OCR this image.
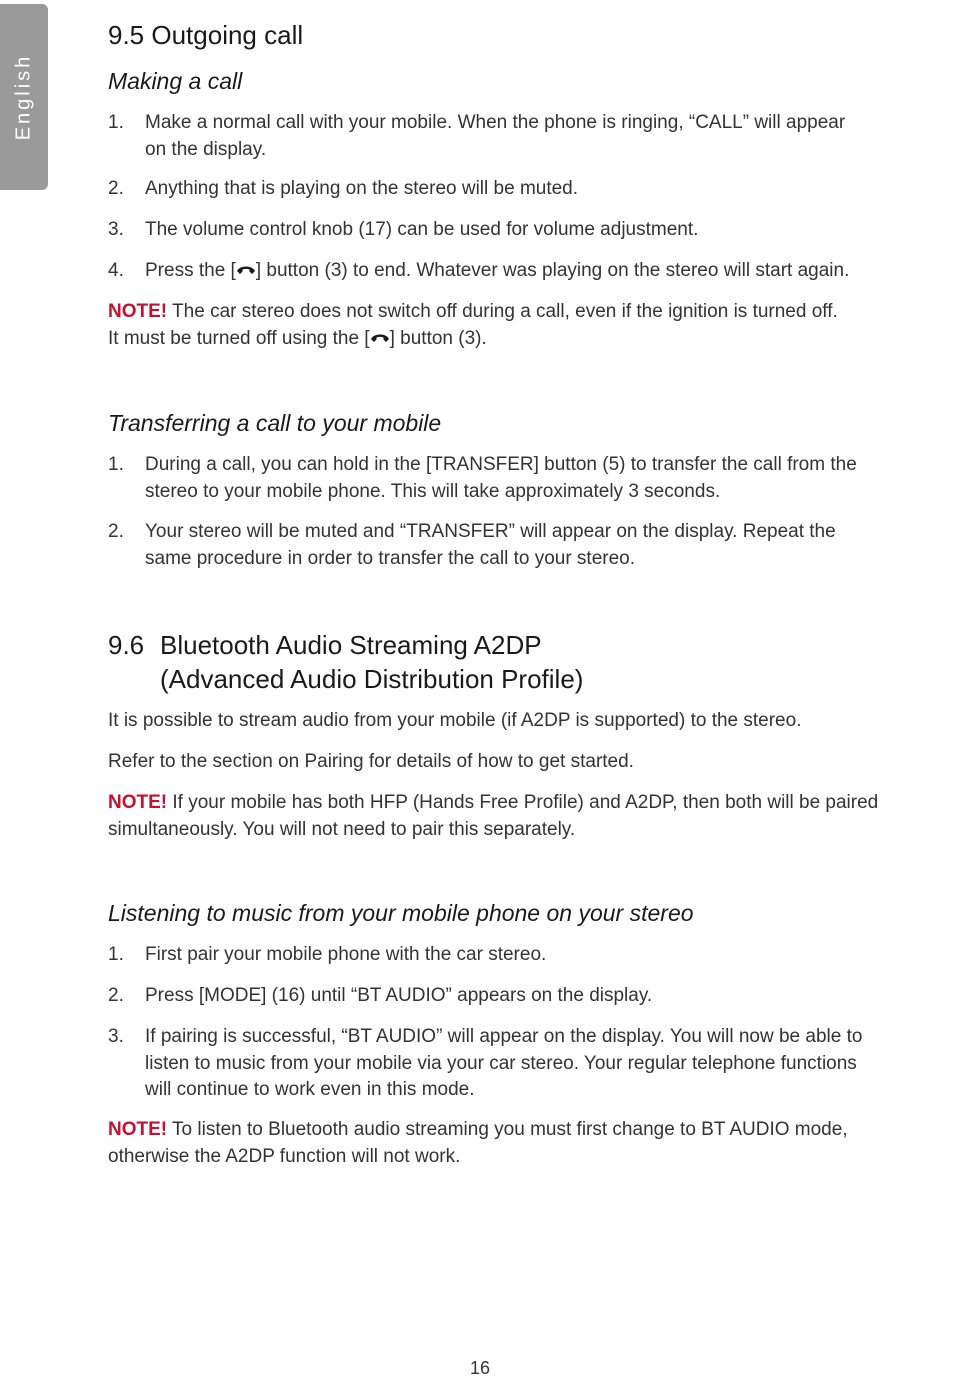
English
9.5 Outgoing call
Making a call
1.	Make a normal call with your mobile. When the phone is ringing, “CALL” will appear
on the display.
2.	Anything that is playing on the stereo will be muted.
3.	The volume control knob (17) can be used for volume adjustment.
4.	Press the [ ] button (3) to end. Whatever was playing on the stereo will start again.
NOTE! The car stereo does not switch off during a call, even if the ignition is turned off.
It must be turned off using the [ ] button (3).
Transferring a call to your mobile
1.	During a call, you can hold in the [TRANSFER] button (5) to transfer the call from the
stereo to your mobile phone. This will take approximately 3 seconds.
2.	Your stereo will be muted and “TRANSFER” will appear on the display. Repeat the
same procedure in order to transfer the call to your stereo.
9.6 Bluetooth Audio Streaming A2DP
(Advanced Audio Distribution Profile)
It is possible to stream audio from your mobile (if A2DP is supported) to the stereo.
Refer to the section on Pairing for details of how to get started.
NOTE! If your mobile has both HFP (Hands Free Profile) and A2DP, then both will be paired
simultaneously. You will not need to pair this separately.
Listening to music from your mobile phone on your stereo
1.	First pair your mobile phone with the car stereo.
2.	Press [MODE] (16) until “BT AUDIO” appears on the display.
3.	If pairing is successful, “BT AUDIO” will appear on the display. You will now be able to
listen to music from your mobile via your car stereo. Your regular telephone functions
will continue to work even in this mode.
NOTE! To listen to Bluetooth audio streaming you must first change to BT AUDIO mode,
otherwise the A2DP function will not work.
16
